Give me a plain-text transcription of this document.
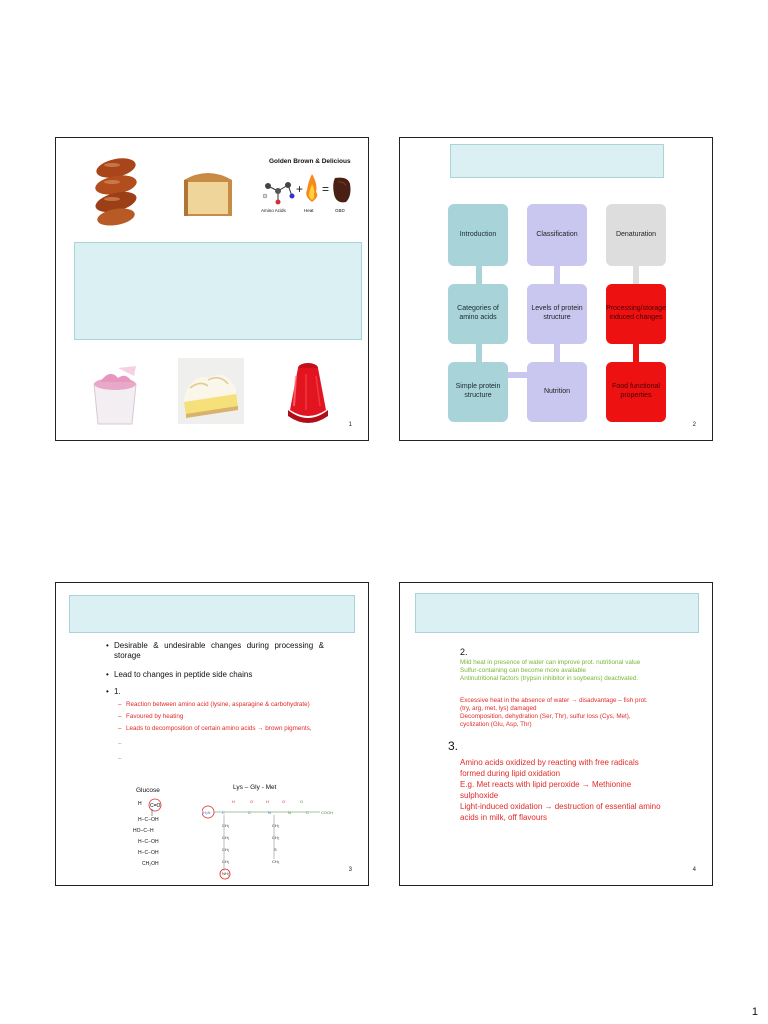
Golden Brown & Delicious
+ =
Amino Acids	Heat	GBD
1
Introduction	Classification	Denaturation
Categories of amino acids
Levels of protein structure
Processing/storage induced changes
Simple protein structure
Nutrition
Food functional properties
2
• Desirable & undesirable changes during processing & storage
• Lead to changes in peptide side chains
• 1.
– Reaction between amino acid (lysine, asparagine & carbohydrate)
– Favoured by heating
– Leads to decomposition of certain amino acids → brown pigments,
–
–
Glucose
H C=O
H−C−OH
HO−C−H
H−C−OH
H−C−OH
CH₂OH
Lys – Gly - Met
H₂N
H	O	H	O	O
C	C	N	N	C	COOH
CH₂
CH₂
CH₂
CH₂
NH₂
CH₂
CH₂
S
CH₃
3
2.
Mild heat in presence of water can improve prot. nutritional value
Sulfur-containing can become more available
Antinutritional factors (trypsin inhibitor in soybeans) deactivated.
Excessive heat in the absence of water → disadvantage – fish prot.
(try, arg, met, lys) damaged
Decomposition, dehydration (Ser, Thr), sulfur loss (Cys, Met),
cyclization (Glu, Asp, Thr)
3.
Amino acids oxidized by reacting with free radicals
formed during lipid oxidation
E.g. Met reacts with lipid peroxide → Methionine
sulphoxide
Light-induced oxidation → destruction of essential amino
acids in milk, off flavours
4
1
